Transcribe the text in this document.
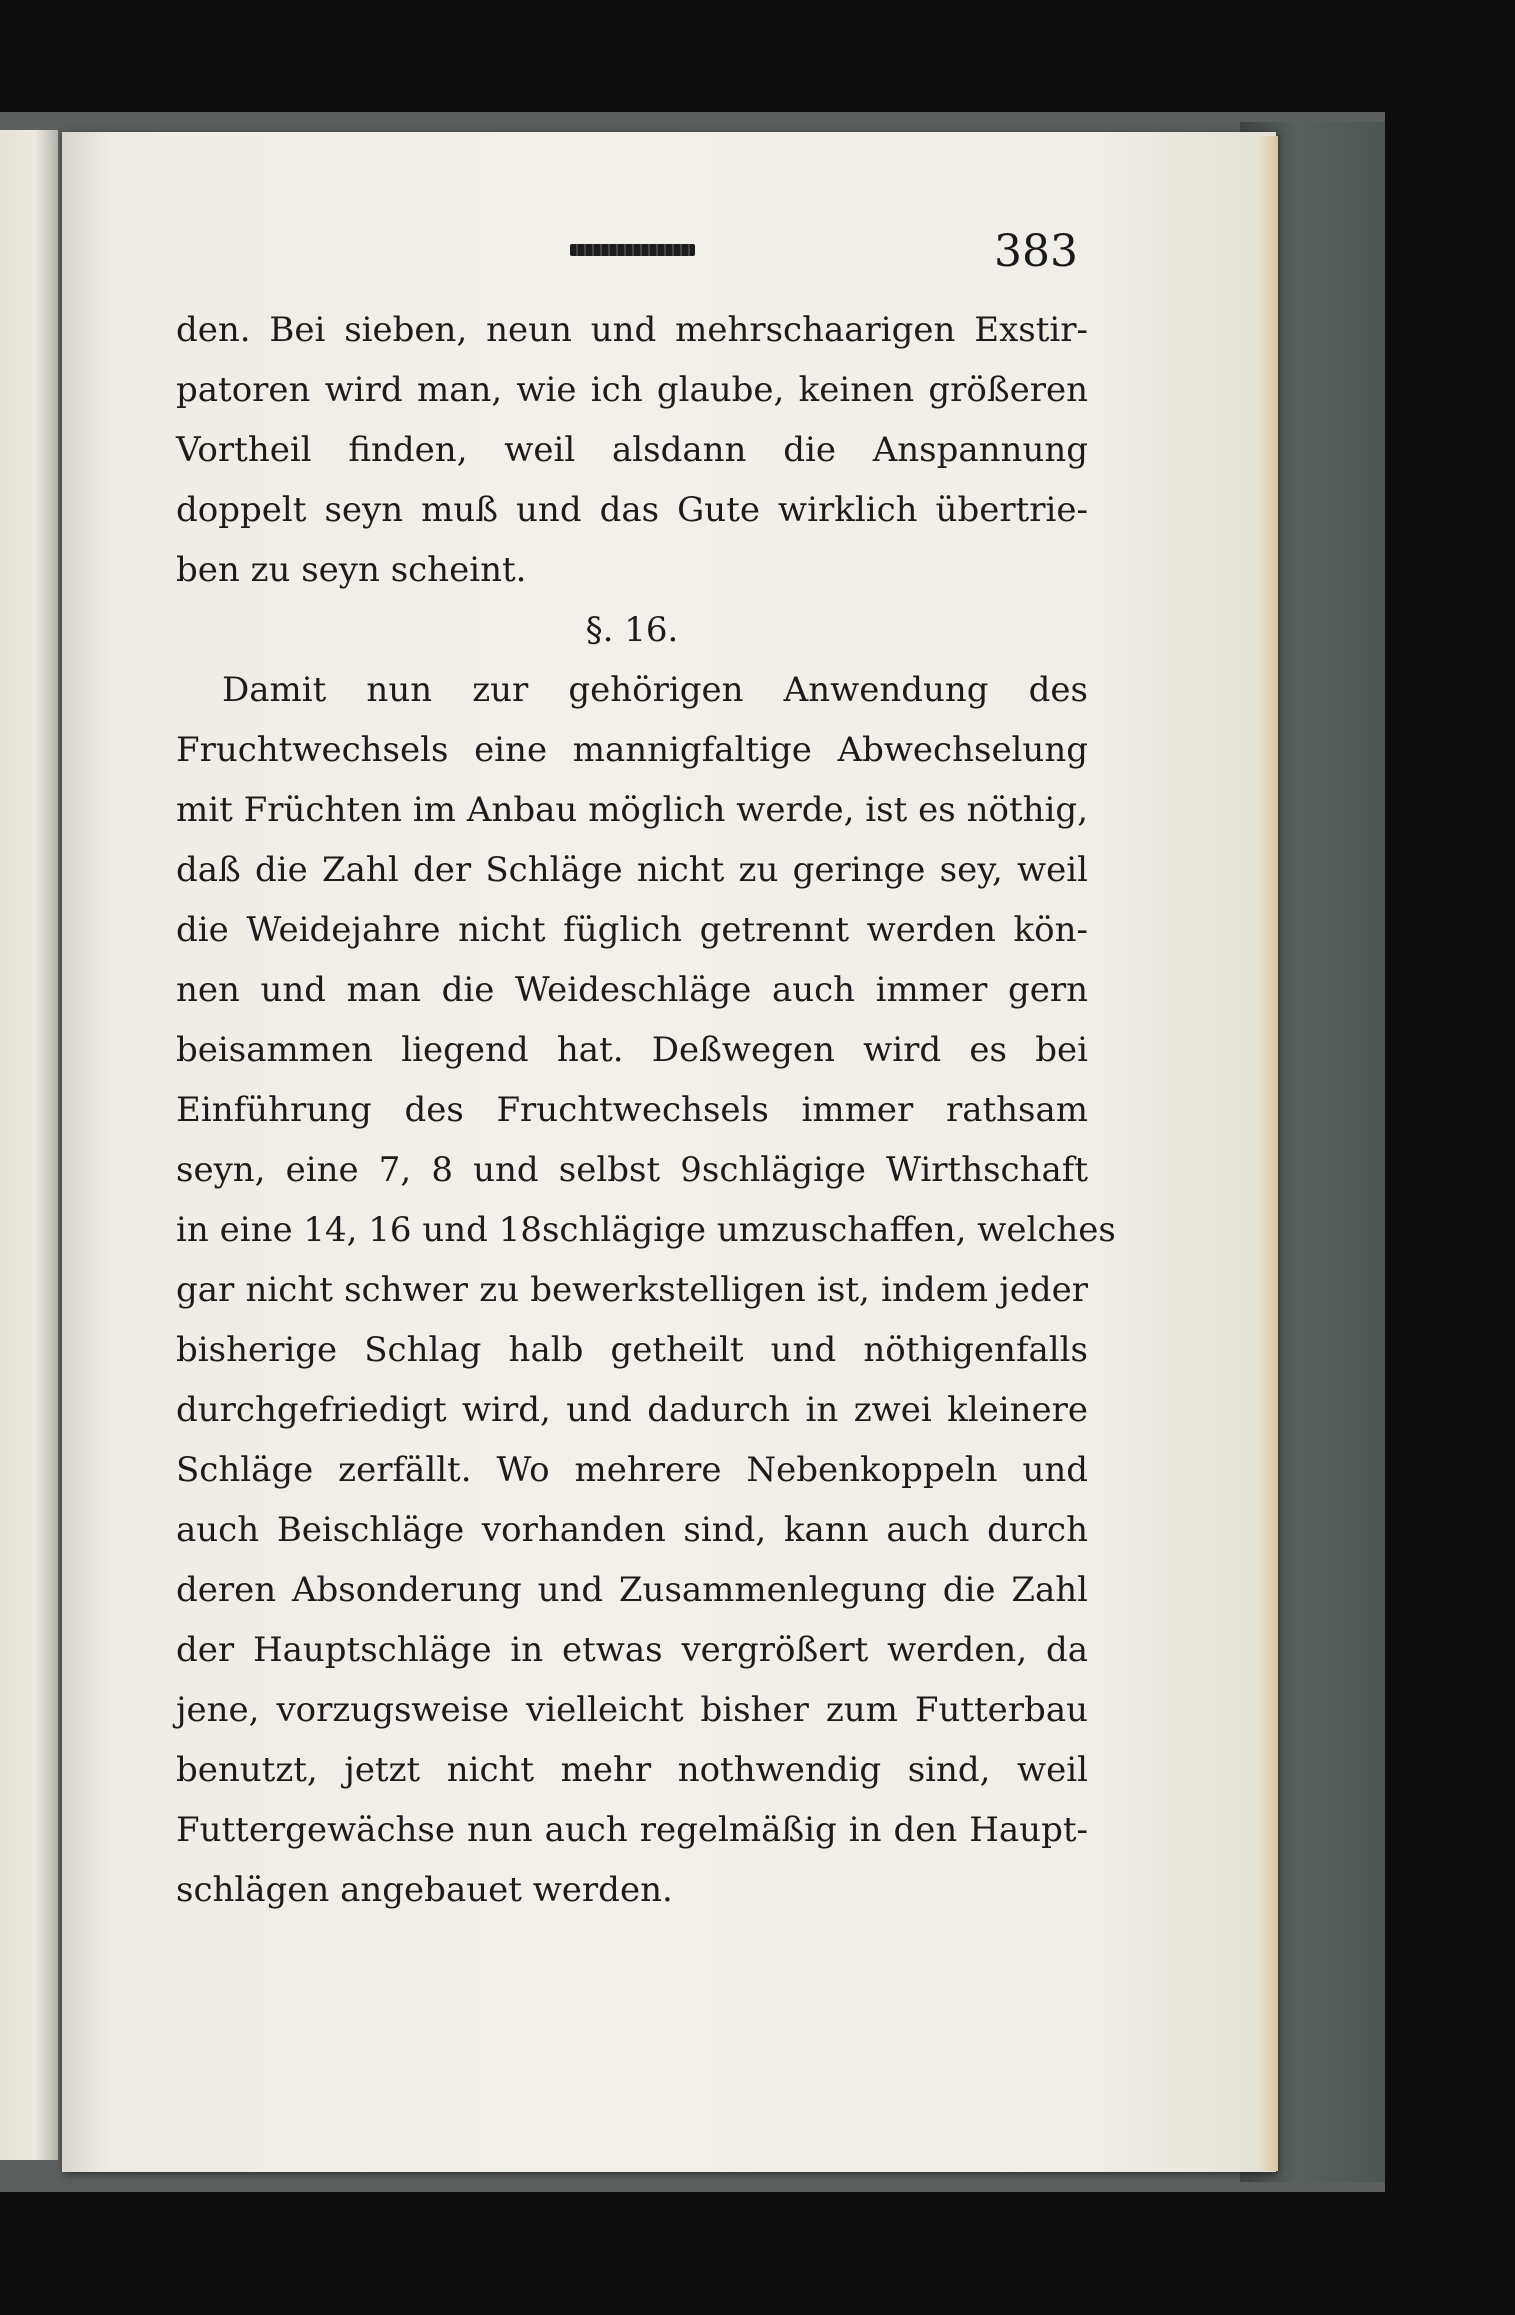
383
den. Bei sieben, neun und mehrschaarigen Exstir-
patoren wird man, wie ich glaube, keinen größeren
Vortheil finden, weil alsdann die Anspannung
doppelt seyn muß und das Gute wirklich übertrie-
ben zu seyn scheint.
§. 16.
Damit nun zur gehörigen Anwendung des
Fruchtwechsels eine mannigfaltige Abwechselung
mit Früchten im Anbau möglich werde, ist es nöthig,
daß die Zahl der Schläge nicht zu geringe sey, weil
die Weidejahre nicht füglich getrennt werden kön-
nen und man die Weideschläge auch immer gern
beisammen liegend hat. Deßwegen wird es bei
Einführung des Fruchtwechsels immer rathsam
seyn, eine 7, 8 und selbst 9schlägige Wirthschaft
in eine 14, 16 und 18schlägige umzuschaffen, welches
gar nicht schwer zu bewerkstelligen ist, indem jeder
bisherige Schlag halb getheilt und nöthigenfalls
durchgefriedigt wird, und dadurch in zwei kleinere
Schläge zerfällt. Wo mehrere Nebenkoppeln und
auch Beischläge vorhanden sind, kann auch durch
deren Absonderung und Zusammenlegung die Zahl
der Hauptschläge in etwas vergrößert werden, da
jene, vorzugsweise vielleicht bisher zum Futterbau
benutzt, jetzt nicht mehr nothwendig sind, weil
Futtergewächse nun auch regelmäßig in den Haupt-
schlägen angebauet werden.
